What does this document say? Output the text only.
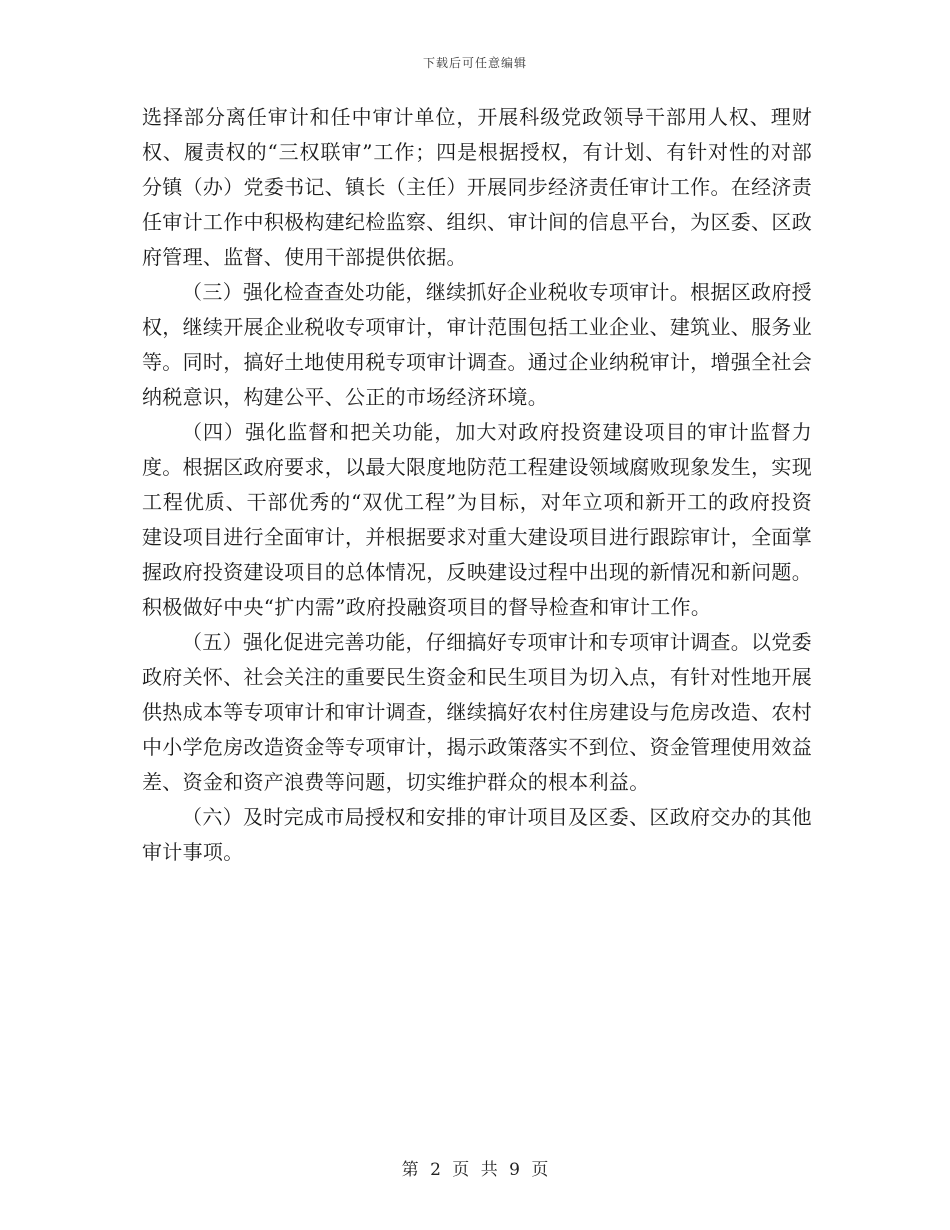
下载后可任意编辑

选择部分离任审计和任中审计单位，开展科级党政领导干部用人权、理财权、履责权的“三权联审”工作；四是根据授权，有计划、有针对性的对部分镇（办）党委书记、镇长（主任）开展同步经济责任审计工作。在经济责任审计工作中积极构建纪检监察、组织、审计间的信息平台，为区委、区政府管理、监督、使用干部提供依据。

（三）强化检查查处功能，继续抓好企业税收专项审计。根据区政府授权，继续开展企业税收专项审计，审计范围包括工业企业、建筑业、服务业等。同时，搞好土地使用税专项审计调查。通过企业纳税审计，增强全社会纳税意识，构建公平、公正的市场经济环境。

（四）强化监督和把关功能，加大对政府投资建设项目的审计监督力度。根据区政府要求，以最大限度地防范工程建设领域腐败现象发生，实现工程优质、干部优秀的“双优工程”为目标，对年立项和新开工的政府投资建设项目进行全面审计，并根据要求对重大建设项目进行跟踪审计，全面掌握政府投资建设项目的总体情况，反映建设过程中出现的新情况和新问题。积极做好中央“扩内需”政府投融资项目的督导检查和审计工作。

（五）强化促进完善功能，仔细搞好专项审计和专项审计调查。以党委政府关怀、社会关注的重要民生资金和民生项目为切入点，有针对性地开展供热成本等专项审计和审计调查，继续搞好农村住房建设与危房改造、农村中小学危房改造资金等专项审计，揭示政策落实不到位、资金管理使用效益差、资金和资产浪费等问题，切实维护群众的根本利益。

（六）及时完成市局授权和安排的审计项目及区委、区政府交办的其他审计事项。

第 2 页 共 9 页
